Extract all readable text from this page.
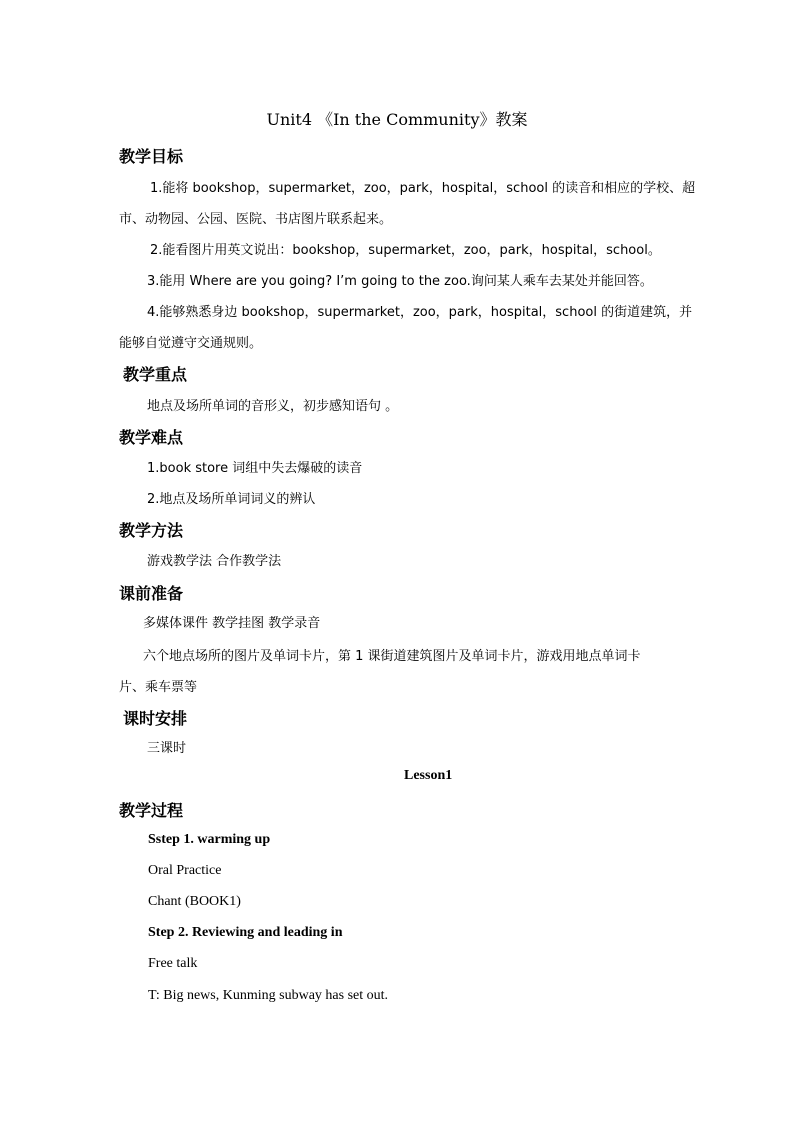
Unit4 《In the Community》教案
教学目标
1.能将 bookshop，supermarket，zoo，park，hospital，school 的读音和相应的学校、超
市、动物园、公园、医院、书店图片联系起来。
2.能看图片用英文说出：bookshop，supermarket，zoo，park，hospital，school。
3.能用 Where are you going? I’m going to the zoo.询问某人乘车去某处并能回答。
4.能够熟悉身边 bookshop，supermarket，zoo，park，hospital，school 的街道建筑，并
能够自觉遵守交通规则。
教学重点
地点及场所单词的音形义，初步感知语句 。
教学难点
1.book store 词组中失去爆破的读音
2.地点及场所单词词义的辨认
教学方法
游戏教学法 合作教学法
课前准备
多媒体课件 教学挂图 教学录音
六个地点场所的图片及单词卡片，第 1 课街道建筑图片及单词卡片，游戏用地点单词卡
片、乘车票等
课时安排
三课时
Lesson1
教学过程
Sstep 1. warming up
Oral Practice
Chant (BOOK1)
Step 2. Reviewing and leading in
Free talk
T: Big news, Kunming subway has set out.
